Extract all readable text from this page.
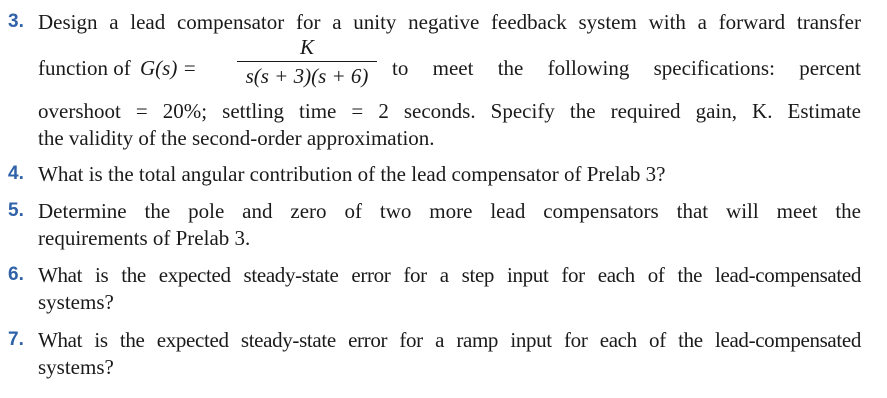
3. Design a lead compensator for a unity negative feedback system with a forward transfer
function of G(s) =
K
s(s + 3)(s + 6)	to meet the following specifications: percent
overshoot = 20%; settling time = 2 seconds. Specify the required gain, K. Estimate
the validity of the second-order approximation.
4. What is the total angular contribution of the lead compensator of Prelab 3?
5. Determine the pole and zero of two more lead compensators that will meet the
requirements of Prelab 3.
6. What is the expected steady-state error for a step input for each of the lead-compensated
systems?
7. What is the expected steady-state error for a ramp input for each of the lead-compensated
systems?
